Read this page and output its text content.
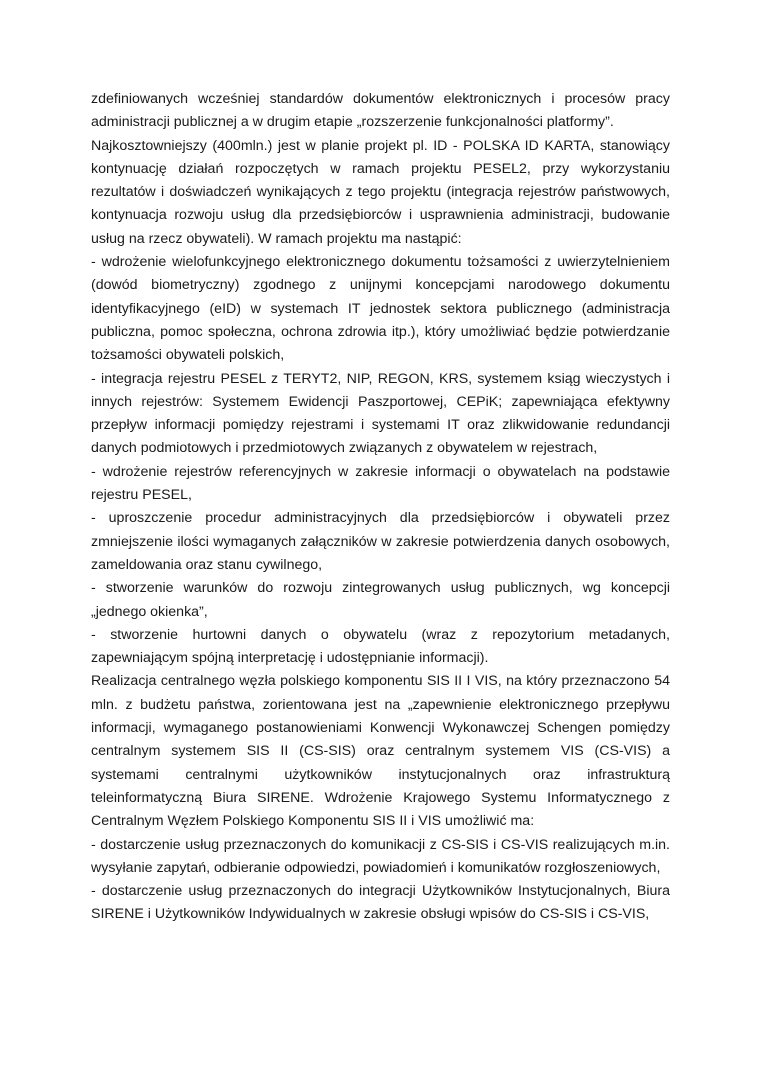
zdefiniowanych wcześniej standardów dokumentów elektronicznych i procesów pracy administracji publicznej a w drugim etapie „rozszerzenie funkcjonalności platformy”.

Najkosztowniejszy (400mln.) jest w planie projekt pl. ID - POLSKA ID KARTA, stanowiący kontynuację działań rozpoczętych w ramach projektu PESEL2, przy wykorzystaniu rezultatów i doświadczeń wynikających z tego projektu (integracja rejestrów państwowych, kontynuacja rozwoju usług dla przedsiębiorców i usprawnienia administracji, budowanie usług na rzecz obywateli). W ramach projektu ma nastąpić:

- wdrożenie wielofunkcyjnego elektronicznego dokumentu tożsamości z uwierzytelnieniem (dowód biometryczny) zgodnego z unijnymi koncepcjami narodowego dokumentu identyfikacyjnego (eID) w systemach IT jednostek sektora publicznego (administracja publiczna, pomoc społeczna, ochrona zdrowia itp.), który umożliwiać będzie potwierdzanie tożsamości obywateli polskich,

- integracja rejestru PESEL z TERYT2, NIP, REGON, KRS, systemem ksiąg wieczystych i innych rejestrów: Systemem Ewidencji Paszportowej, CEPiK; zapewniająca efektywny przepływ informacji pomiędzy rejestrami i systemami IT oraz zlikwidowanie redundancji danych podmiotowych i przedmiotowych związanych z obywatelem w rejestrach,

- wdrożenie rejestrów referencyjnych w zakresie informacji o obywatelach na podstawie rejestru PESEL,

- uproszczenie procedur administracyjnych dla przedsiębiorców i obywateli przez zmniejszenie ilości wymaganych załączników w zakresie potwierdzenia danych osobowych, zameldowania oraz stanu cywilnego,

- stworzenie warunków do rozwoju zintegrowanych usług publicznych, wg koncepcji „jednego okienka”,

- stworzenie hurtowni danych o obywatelu (wraz z repozytorium metadanych, zapewniającym spójną interpretację i udostępnianie informacji).

Realizacja centralnego węzła polskiego komponentu SIS II I VIS, na który przeznaczono 54 mln. z budżetu państwa, zorientowana jest na „zapewnienie elektronicznego przepływu informacji, wymaganego postanowieniami Konwencji Wykonawczej Schengen pomiędzy centralnym systemem SIS II (CS-SIS) oraz centralnym systemem VIS (CS-VIS) a systemami centralnymi użytkowników instytucjonalnych oraz infrastrukturą teleinformatyczną Biura SIRENE. Wdrożenie Krajowego Systemu Informatycznego z Centralnym Węzłem Polskiego Komponentu SIS II i VIS umożliwić ma:

- dostarczenie usług przeznaczonych do komunikacji z CS-SIS i CS-VIS realizujących m.in. wysyłanie zapytań, odbieranie odpowiedzi, powiadomień i komunikatów rozgłoszeniowych,

- dostarczenie usług przeznaczonych do integracji Użytkowników Instytucjonalnych, Biura SIRENE i Użytkowników Indywidualnych w zakresie obsługi wpisów do CS-SIS i CS-VIS,
